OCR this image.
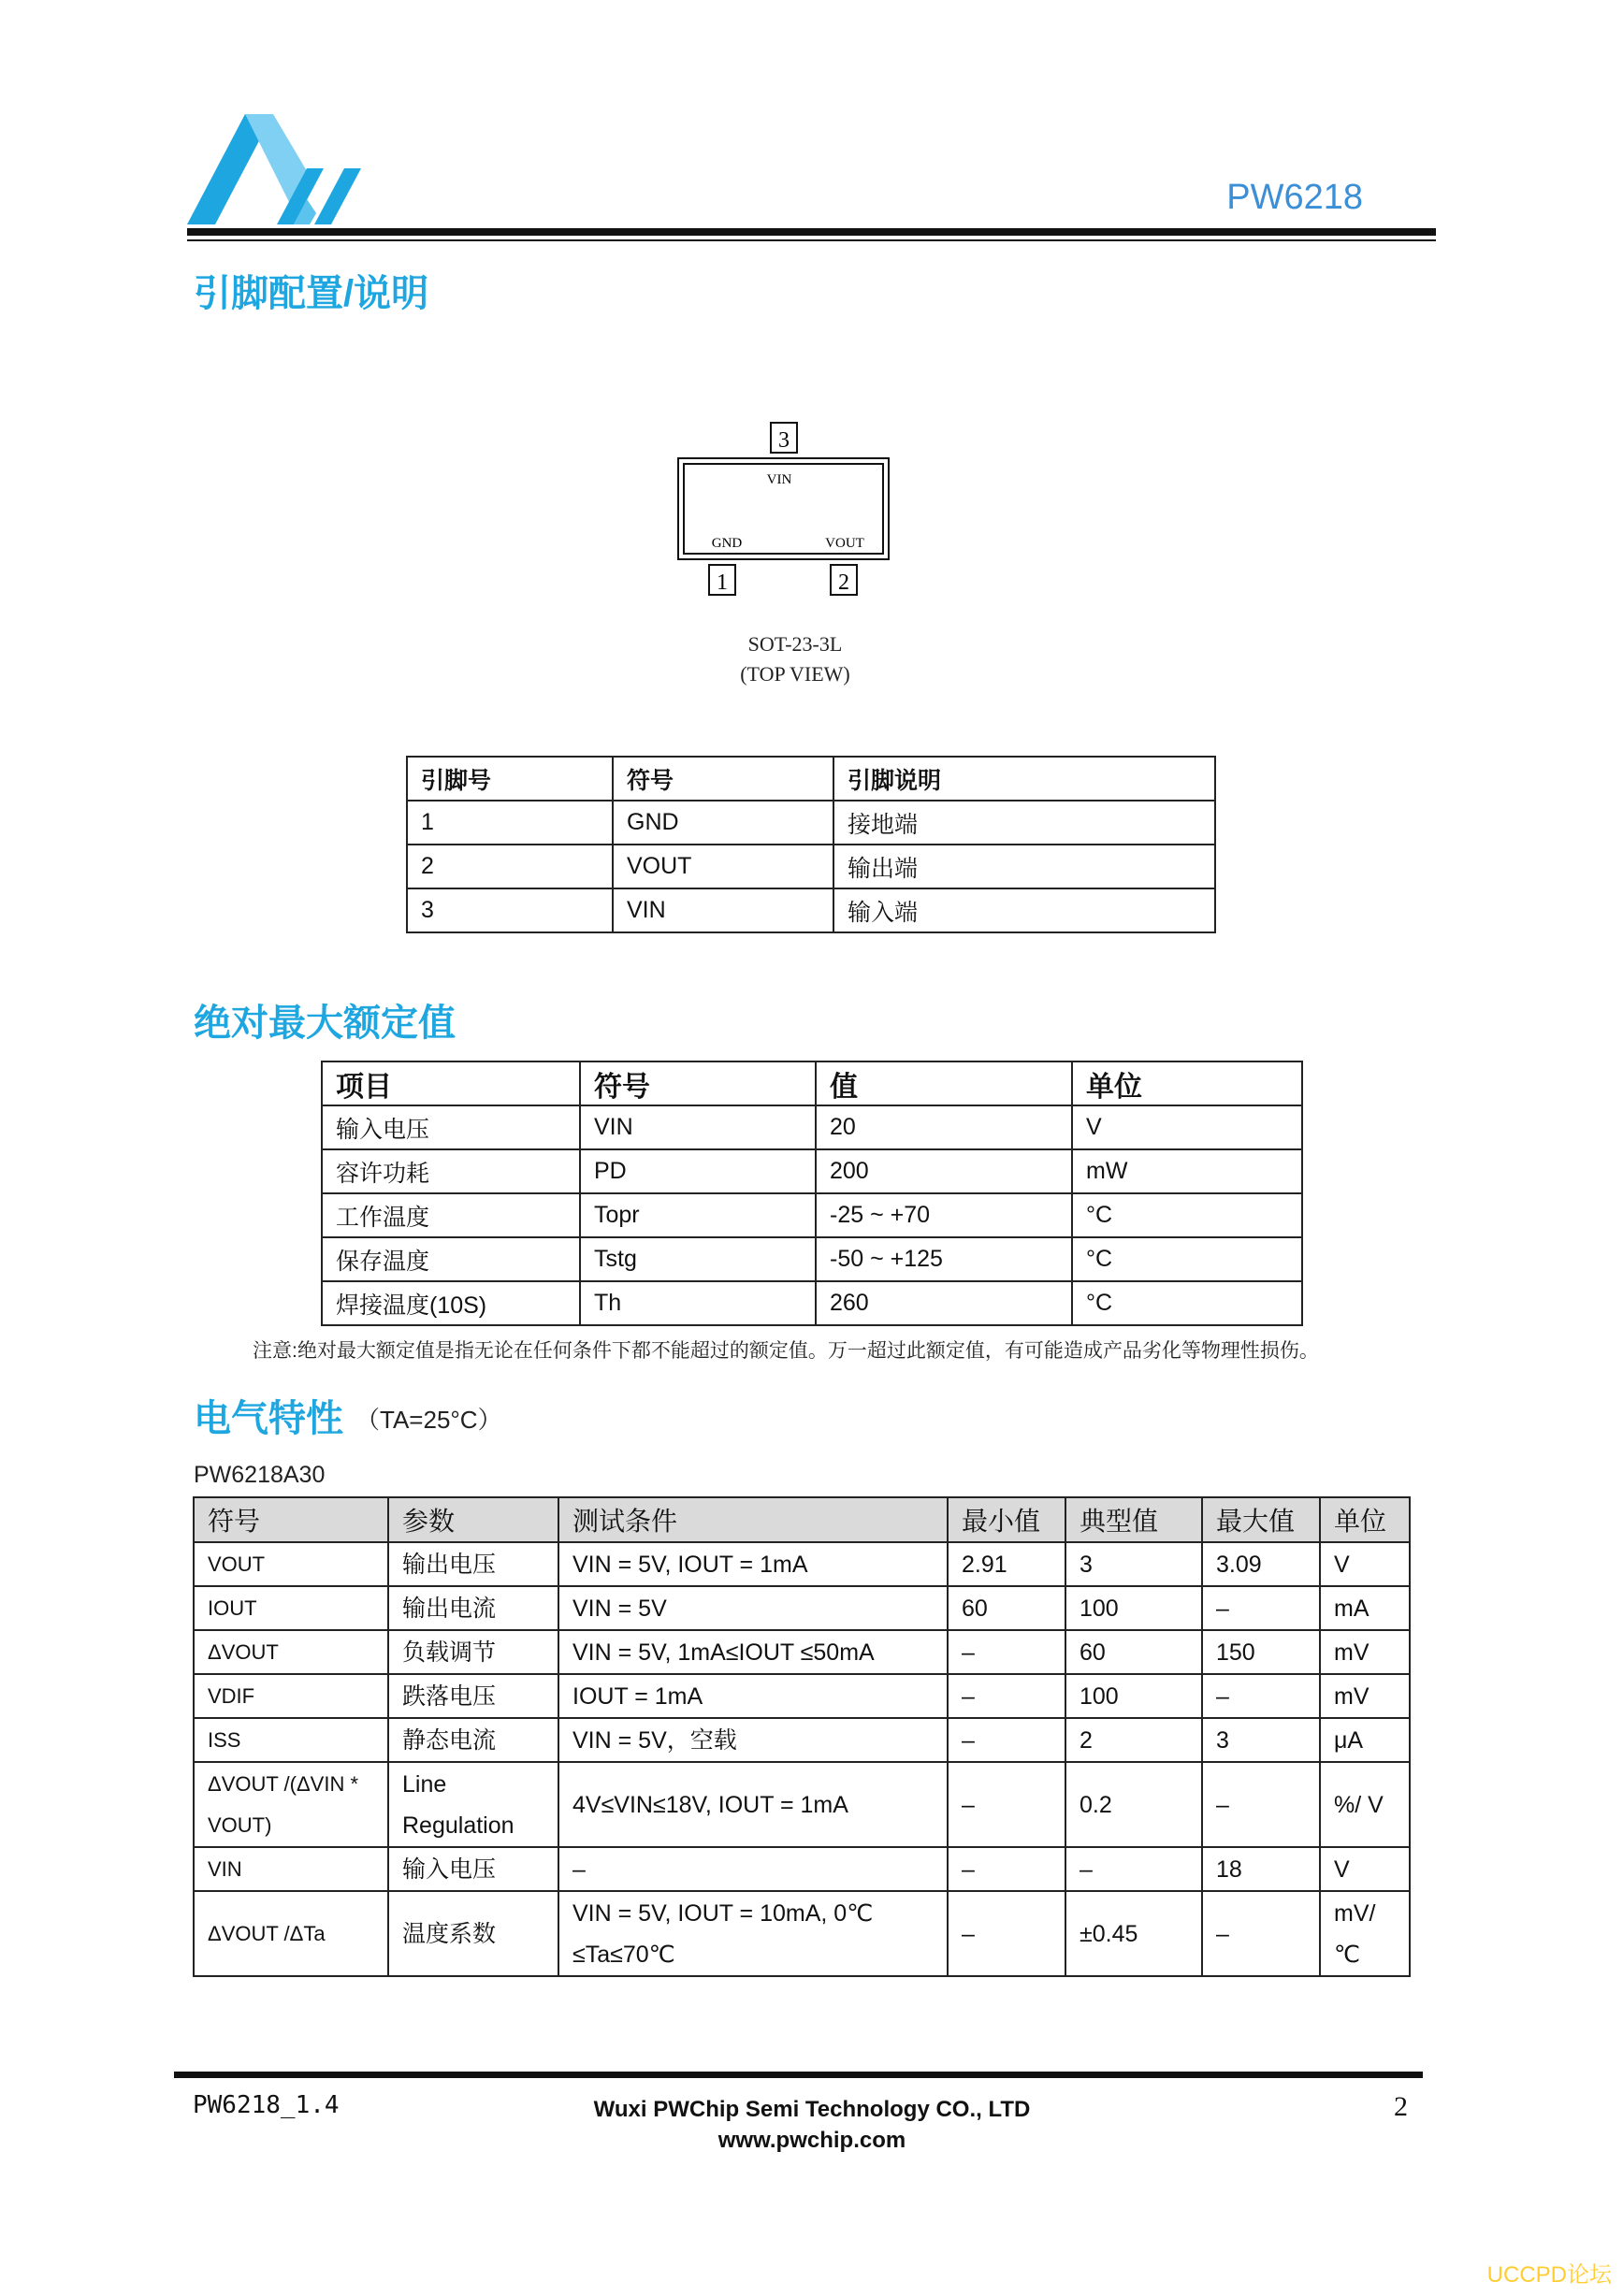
PW6218
引脚配置/说明
3
VIN
GND	VOUT
1	2
SOT-23-3L
(TOP VIEW)
引脚号	符号	引脚说明
1	GND	接地端
2	VOUT	输出端
3	VIN	输入端
绝对最大额定值
项目	符号	值	单位
输入电压	VIN	20	V
容许功耗	PD	200	mW
工作温度	Topr	-25 ~ +70	°C
保存温度	Tstg	-50 ~ +125	°C
焊接温度(10S)	Th	260	°C
注意:绝对最大额定值是指无论在任何条件下都不能超过的额定值。万一超过此额定值，有可能造成产品劣化等物理性损伤。
电气特性 （TA=25°C）
PW6218A30
符号	参数	测试条件	最小值	典型值	最大值	单位
VOUT	输出电压	VIN = 5V, IOUT = 1mA	2.91	3	3.09	V
IOUT	输出电流	VIN = 5V	60	100	–	mA
ΔVOUT	负载调节	VIN = 5V, 1mA≤IOUT ≤50mA	–	60	150	mV
VDIF	跌落电压	IOUT = 1mA	–	100	–	mV
ISS	静态电流	VIN = 5V，空载	–	2	3	μA
ΔVOUT /(ΔVIN * VOUT)	Line Regulation	4V≤VIN≤18V, IOUT = 1mA	–	0.2	–	%/ V
VIN	输入电压	–	–	–	18	V
ΔVOUT /ΔTa	温度系数	VIN = 5V, IOUT = 10mA, 0℃ ≤Ta≤70℃	–	±0.45	–	mV/℃
PW6218_1.4	Wuxi PWChip Semi Technology CO., LTD
www.pwchip.com
2
UCCPD论坛
